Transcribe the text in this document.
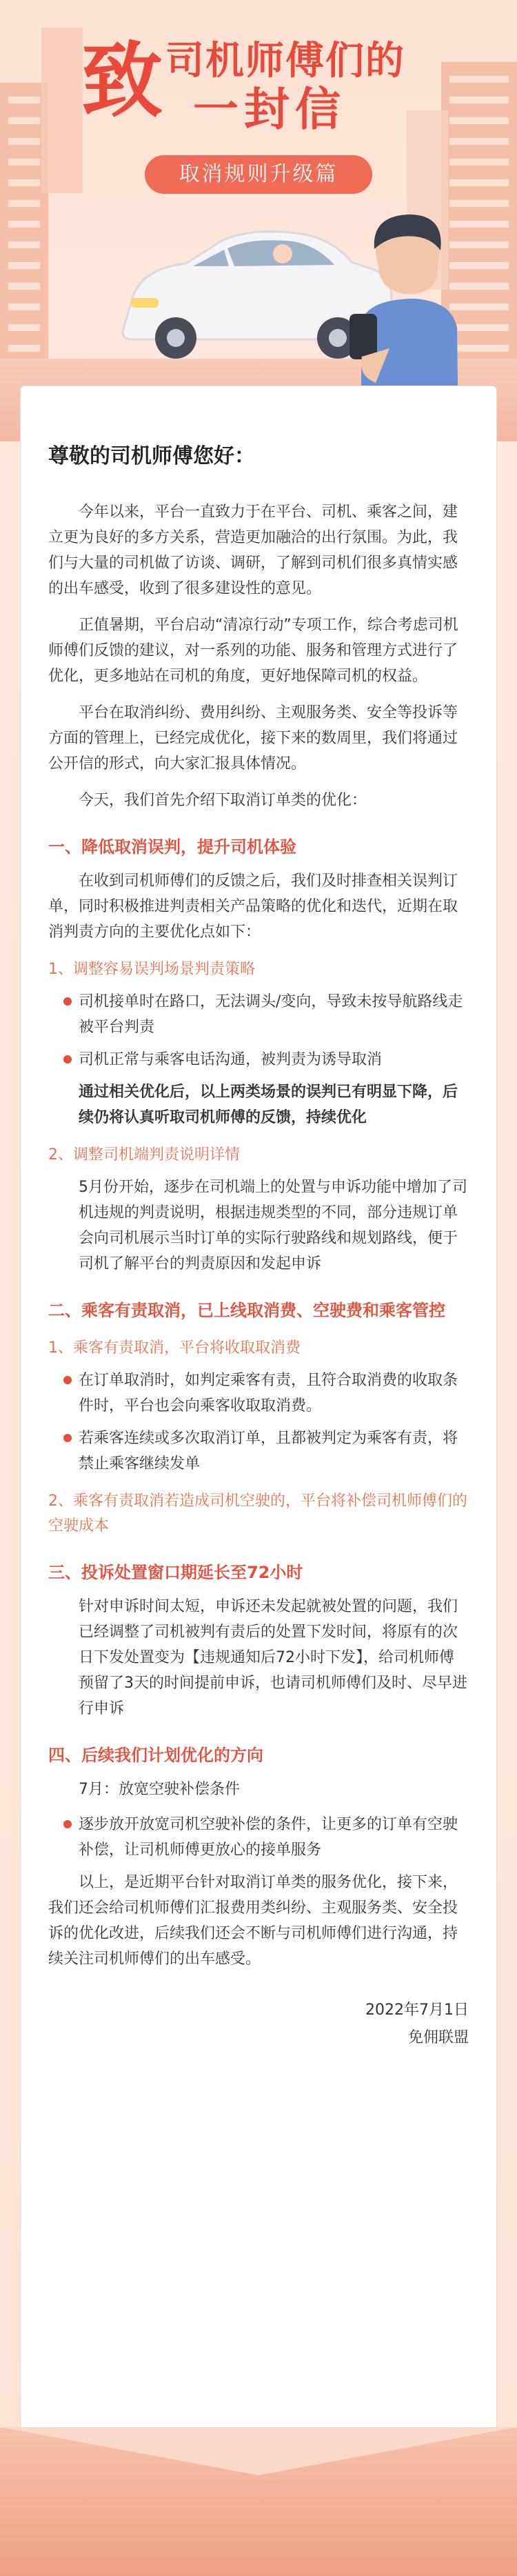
致 司机师傅们的
一封信
取消规则升级篇

尊敬的司机师傅您好：

今年以来，平台一直致力于在平台、司机、乘客之间，建立更为良好的多方关系，营造更加融洽的出行氛围。为此，我们与大量的司机做了访谈、调研，了解到司机们很多真情实感的出车感受，收到了很多建设性的意见。

正值暑期，平台启动“清凉行动”专项工作，综合考虑司机师傅们反馈的建议，对一系列的功能、服务和管理方式进行了优化，更多地站在司机的角度，更好地保障司机的权益。

平台在取消纠纷、费用纠纷、主观服务类、安全等投诉等方面的管理上，已经完成优化，接下来的数周里，我们将通过公开信的形式，向大家汇报具体情况。

今天，我们首先介绍下取消订单类的优化：

一、降低取消误判，提升司机体验

在收到司机师傅们的反馈之后，我们及时排查相关误判订单，同时积极推进判责相关产品策略的优化和迭代，近期在取消判责方向的主要优化点如下：

1、调整容易误判场景判责策略
司机接单时在路口，无法调头/变向，导致未按导航路线走被平台判责
司机正常与乘客电话沟通，被判责为诱导取消
通过相关优化后，以上两类场景的误判已有明显下降，后续仍将认真听取司机师傅的反馈，持续优化
2、调整司机端判责说明详情

5月份开始，逐步在司机端上的处置与申诉功能中增加了司机违规的判责说明，根据违规类型的不同，部分违规订单会向司机展示当时订单的实际行驶路线和规划路线，便于司机了解平台的判责原因和发起申诉

二、乘客有责取消，已上线取消费、空驶费和乘客管控
1、乘客有责取消，平台将收取取消费
在订单取消时，如判定乘客有责，且符合取消费的收取条件时，平台也会向乘客收取取消费。
若乘客连续或多次取消订单，且都被判定为乘客有责，将禁止乘客继续发单
2、乘客有责取消若造成司机空驶的，平台将补偿司机师傅们的空驶成本
三、投诉处置窗口期延长至72小时

针对申诉时间太短，申诉还未发起就被处置的问题，我们已经调整了司机被判有责后的处置下发时间，将原有的次日下发处置变为【违规通知后72小时下发】，给司机师傅预留了3天的时间提前申诉，也请司机师傅们及时、尽早进行申诉

四、后续我们计划优化的方向

7月：放宽空驶补偿条件

逐步放开放宽司机空驶补偿的条件，让更多的订单有空驶补偿，让司机师傅更放心的接单服务

以上，是近期平台针对取消订单类的服务优化，接下来，我们还会给司机师傅们汇报费用类纠纷、主观服务类、安全投诉的优化改进，后续我们还会不断与司机师傅们进行沟通，持续关注司机师傅们的出车感受。

2022年7月1日
免佣联盟
